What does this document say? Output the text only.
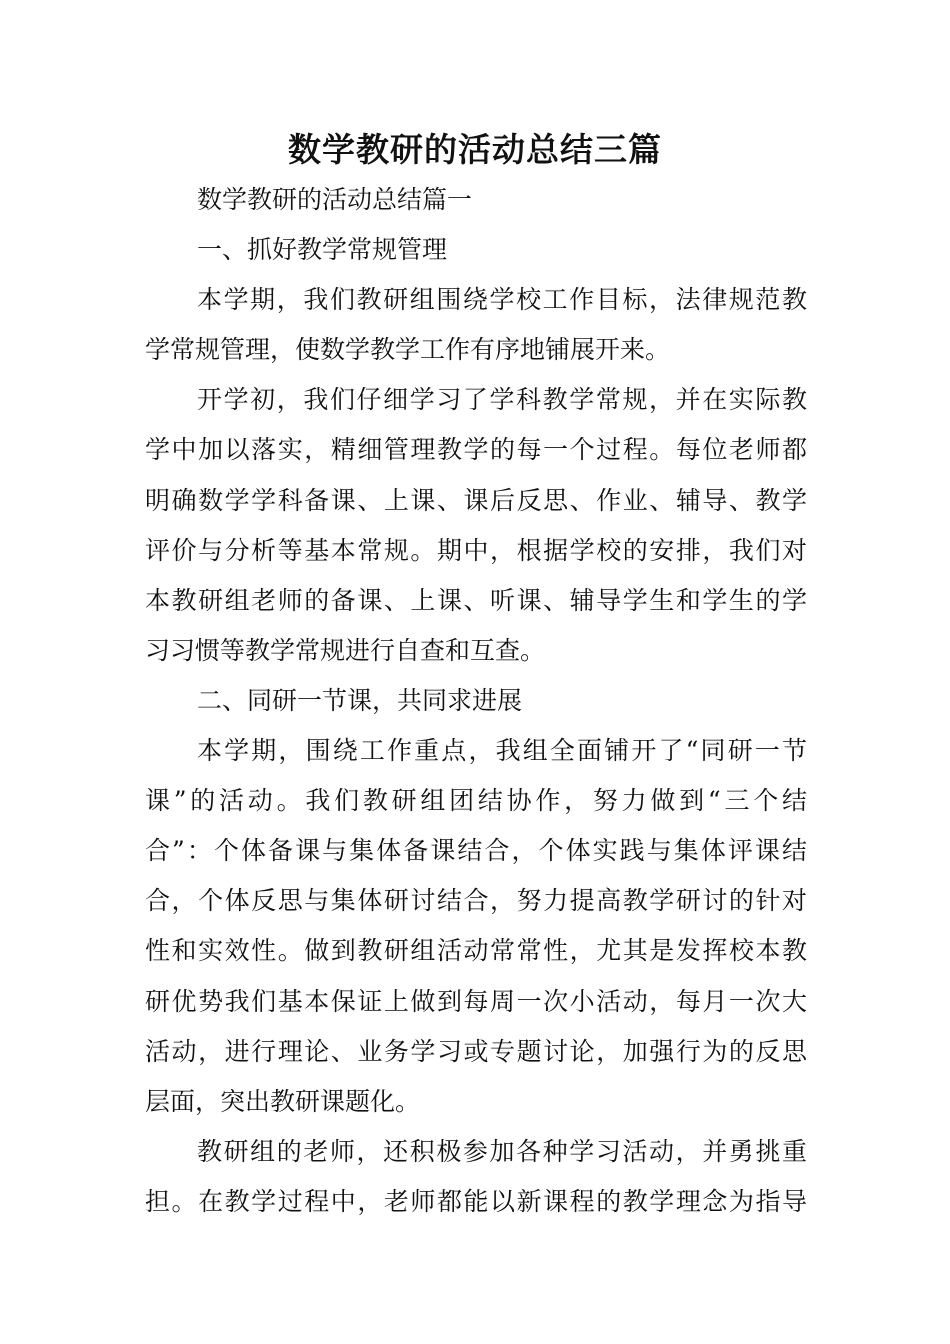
数学教研的活动总结三篇
数学教研的活动总结篇一
一、抓好教学常规管理
本学期，我们教研组围绕学校工作目标，法律规范教
学常规管理，使数学教学工作有序地铺展开来。
开学初，我们仔细学习了学科教学常规，并在实际教
学中加以落实，精细管理教学的每一个过程。每位老师都
明确数学学科备课、上课、课后反思、作业、辅导、教学
评价与分析等基本常规。期中，根据学校的安排，我们对
本教研组老师的备课、上课、听课、辅导学生和学生的学
习习惯等教学常规进行自查和互查。
二、同研一节课，共同求进展
本学期，围绕工作重点，我组全面铺开了“同研一节
课”的活动。我们教研组团结协作，努力做到“三个结
合”：个体备课与集体备课结合，个体实践与集体评课结
合，个体反思与集体研讨结合，努力提高教学研讨的针对
性和实效性。做到教研组活动常常性，尤其是发挥校本教
研优势我们基本保证上做到每周一次小活动，每月一次大
活动，进行理论、业务学习或专题讨论，加强行为的反思
层面，突出教研课题化。
教研组的老师，还积极参加各种学习活动，并勇挑重
担。在教学过程中，老师都能以新课程的教学理念为指导
